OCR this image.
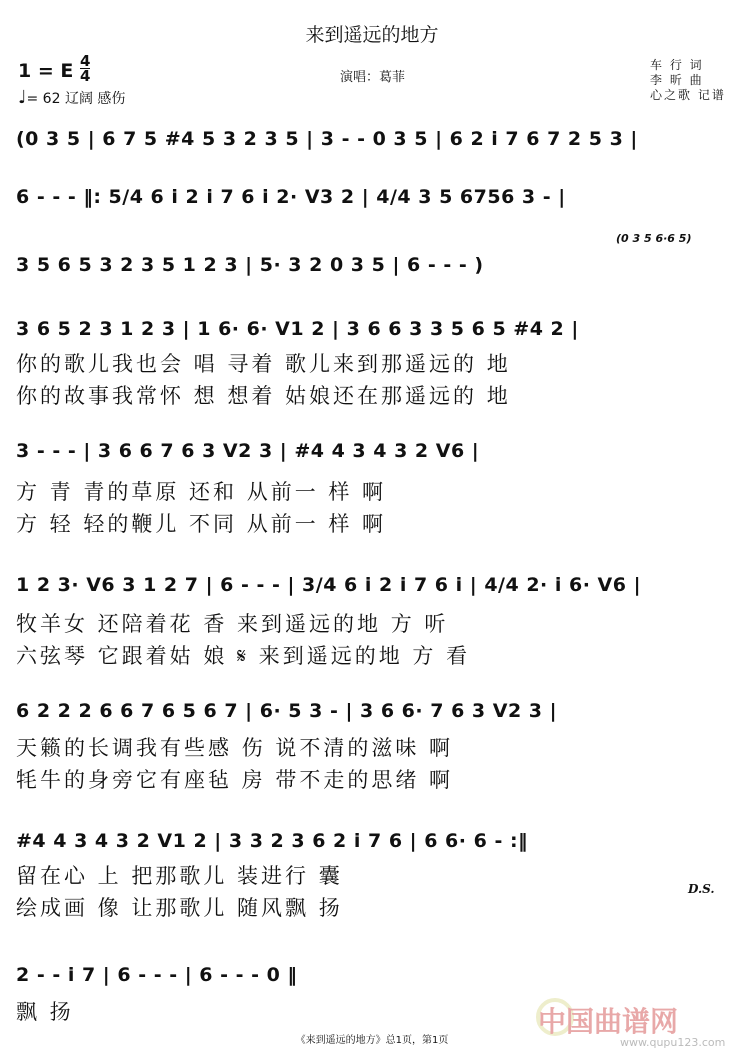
来到遥远的地方
1 = E 4
4
♩= 62 辽阔 感伤
演唱：葛菲
车 行 词
李 昕 曲
心之歌 记谱
(0 3 5 | 6 7 5 #4 5 3 2 3 5 | 3 - - 0 3 5 | 6 2 i 7 6 7 2 5 3 |
6 - - - ‖: 5/4 6 i 2 i 7 6 i 2· V3 2 | 4/4 3 5 6756 3 - |
(0 3 5 6·6 5)
3 5 6 5 3 2 3 5 1 2 3 | 5· 3 2 0 3 5 | 6 - - - )
3 6 5 2 3 1 2 3 | 1 6· 6· V1 2 | 3 6 6 3 3 5 6 5 #4 2 |
你的歌儿我也会 唱 寻着 歌儿来到那遥远的 地
你的故事我常怀 想 想着 姑娘还在那遥远的 地
3 - - - | 3 6 6 7 6 3 V2 3 | #4 4 3 4 3 2 V6 |
方 青 青的草原 还和 从前一 样 啊
方 轻 轻的鞭儿 不同 从前一 样 啊
1 2 3· V6 3 1 2 7 | 6 - - - | 3/4 6 i 2 i 7 6 i | 4/4 2· i 6· V6 |
牧羊女 还陪着花 香 来到遥远的地 方 听
六弦琴 它跟着姑 娘 𝄋 来到遥远的地 方 看
6 2 2 2 6 6 7 6 5 6 7 | 6· 5 3 - | 3 6 6· 7 6 3 V2 3 |
天籁的长调我有些感 伤 说不清的滋味 啊
牦牛的身旁它有座毡 房 带不走的思绪 啊
#4 4 3 4 3 2 V1 2 | 3 3 2 3 6 2 i 7 6 | 6 6· 6 - :‖
留在心 上 把那歌儿 装进行 囊
绘成画 像 让那歌儿 随风飘 扬
D.S.
2 - - i 7 | 6 - - - | 6 - - - 0 ‖
飘 扬	中国曲谱网
www.qupu123.com
《来到遥远的地方》总1页，第1页
